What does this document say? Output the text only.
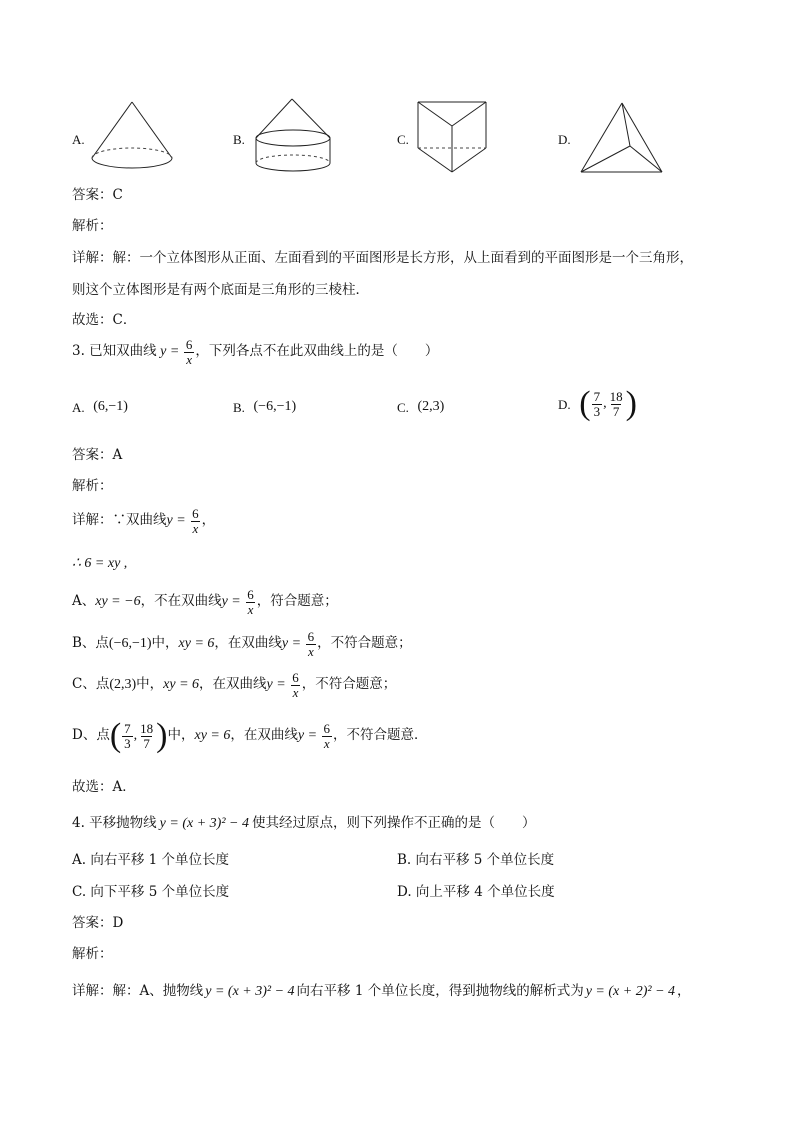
A.	B.	C.	D.
答案：C
解析：
详解：解：一个立体图形从正面、左面看到的平面图形是长方形，从上面看到的平面图形是一个三角形，
则这个立体图形是有两个底面是三角形的三棱柱．
故选：C．
3. 已知双曲线 $y = \frac{6}{x}$ ，下列各点不在此双曲线上的是（　　）
A.
(6,−1)	B.
(−6,−1)	C.
(2,3)	D.
( $\frac{7}{3}$ , $\frac{18}{7}$ )
答案：A
解析：
详解：∵双曲线 $y = \frac{6}{x}$ ，
∴ 6 = xy ,
A、 xy = −6 ，不在双曲线 $y = \frac{6}{x}$ ，符合题意；
B、点 (−6,−1) 中， xy = 6 ，在双曲线 $y = \frac{6}{x}$ ，不符合题意；
C、点 (2,3) 中， xy = 6 ，在双曲线 $y = \frac{6}{x}$ ，不符合题意；
D、点 ( $\frac{7}{3}$ , $\frac{18}{7}$ ) 中， xy = 6 ，在双曲线 $y = \frac{6}{x}$ ，不符合题意．
故选：A．
4. 平移抛物线 y = (x + 3)² − 4 使其经过原点，则下列操作不正确的是（　　）
A. 向右平移 1 个单位长度	B. 向右平移 5 个单位长度
C. 向下平移 5 个单位长度	D. 向上平移 4 个单位长度
答案：D
解析：
详解：解：A、抛物线 y = (x + 3)² − 4 向右平移 1 个单位长度，得到抛物线的解析式为 y = (x + 2)² − 4 ，
